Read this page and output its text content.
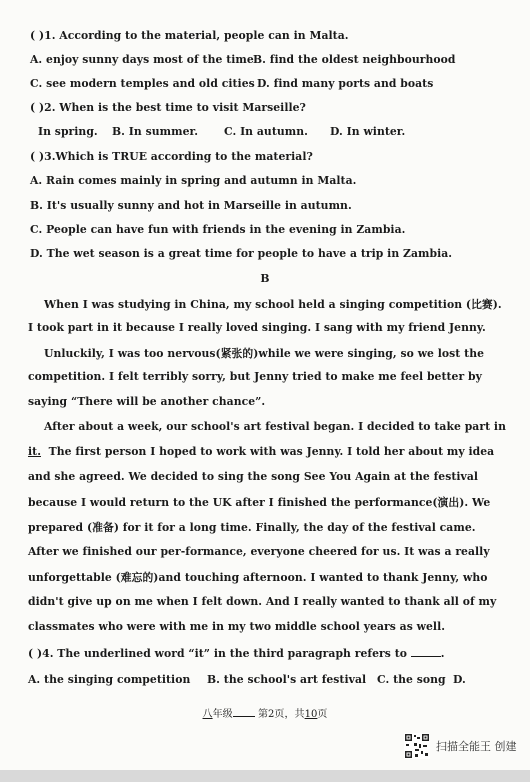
( )1. According to the material, people can in Malta.
A. enjoy sunny days most of the time B. find the oldest neighbourhood
C. see modern temples and old cities D. find many ports and boats
( )2. When is the best time to visit Marseille?
In spring. B. In summer. C. In autumn. D. In winter.
( )3.Which is TRUE according to the material?
A. Rain comes mainly in spring and autumn in Malta.
B. It's usually sunny and hot in Marseille in autumn.
C. People can have fun with friends in the evening in Zambia.
D. The wet season is a great time for people to have a trip in Zambia.
B
When I was studying in China, my school held a singing competition (比赛).
I took part in it because I really loved singing. I sang with my friend Jenny.
Unluckily, I was too nervous(紧张的)while we were singing, so we lost the
competition. I felt terribly sorry, but Jenny tried to make me feel better by
saying “There will be another chance”.
After about a week, our school's art festival began. I decided to take part in
it.  The first person I hoped to work with was Jenny. I told her about my idea
and she agreed. We decided to sing the song See You Again at the festival
because I would return to the UK after I finished the performance(演出). We
prepared (准备) for it for a long time. Finally, the day of the festival came.
After we finished our per-formance, everyone cheered for us. It was a really
unforgettable (难忘的)and touching afternoon. I wanted to thank Jenny, who
didn't give up on me when I felt down. And I really wanted to thank all of my
classmates who were with me in my two middle school years as well.
( )4. The underlined word “it” in the third paragraph refers to	.
A. the singing competition B. the school's art festival C. the song D.
八年级	第2页，共10页
扫描全能王 创建
